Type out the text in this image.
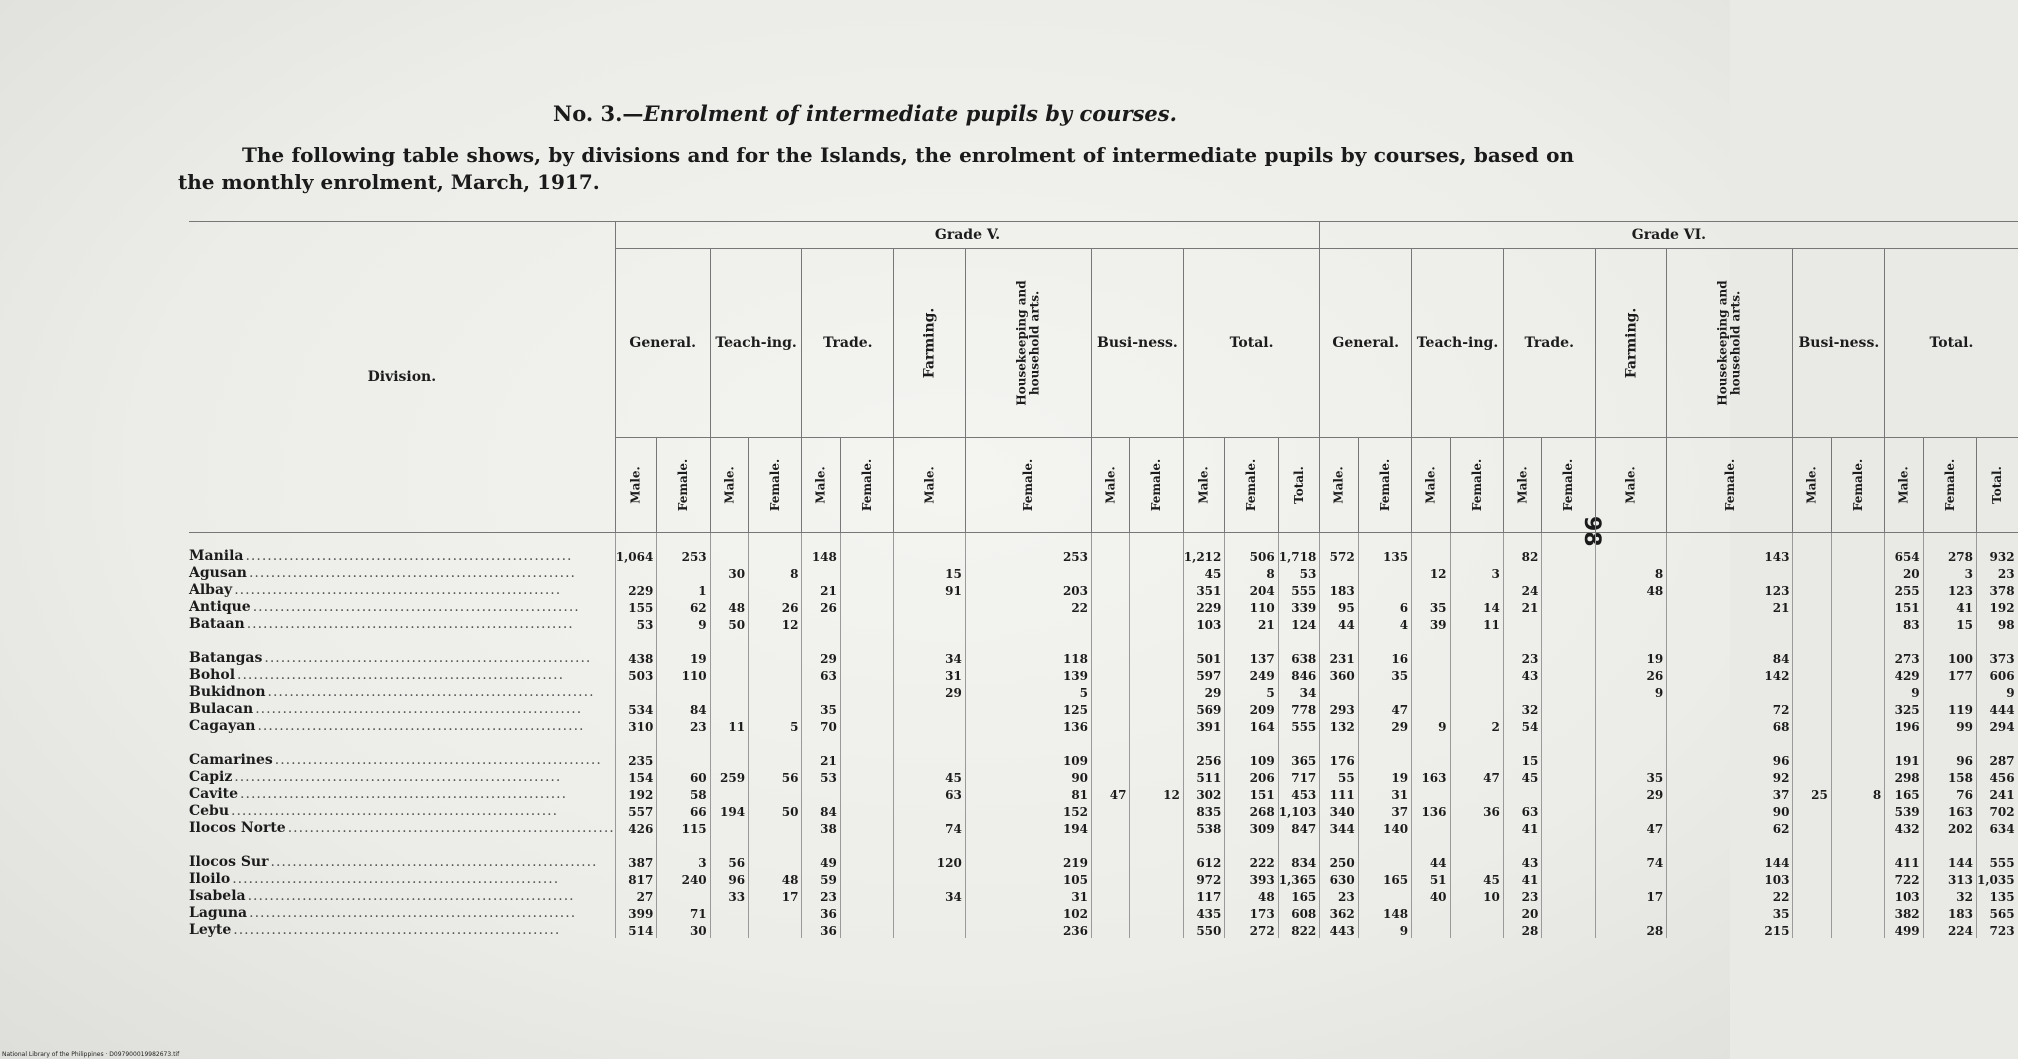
98
No. 3.—Enrolment of intermediate pupils by courses.
The following table shows, by divisions and for the Islands, the enrolment of intermediate pupils by courses, based on the monthly enrolment, March, 1917.
Division.	Grade V.													Grade VI.												
	General.		Teach-ing.		Trade.		Farming.	Housekeeping and
household arts.	Busi-ness.		Total.			General.		Teach-ing.		Trade.		Farming.	Housekeeping and
household arts.	Busi-ness.		Total.		
	Male.	Female.	Male.	Female.	Male.	Female.	Male.	Female.	Male.	Female.	Male.	Female.	Total.	Male.	Female.	Male.	Female.	Male.	Female.	Male.	Female.	Male.	Female.	Male.	Female.	Total.
Manila ............................................................	1,064	253			148			253			1,212	506	1,718	572	135			82			143			654	278	932
Agusan ............................................................			30	8			15				45	8	53			12	3			8				20	3	23
Albay ............................................................	229	1			21		91	203			351	204	555	183				24		48	123			255	123	378
Antique ............................................................	155	62	48	26	26			22			229	110	339	95	6	35	14	21			21			151	41	192
Bataan ............................................................	53	9	50	12							103	21	124	44	4	39	11							83	15	98

Batangas ............................................................	438	19			29		34	118			501	137	638	231	16			23		19	84			273	100	373
Bohol ............................................................	503	110			63		31	139			597	249	846	360	35			43		26	142			429	177	606
Bukidnon ............................................................							29	5			29	5	34							9				9		9
Bulacan ............................................................	534	84			35			125			569	209	778	293	47			32			72			325	119	444
Cagayan ............................................................	310	23	11	5	70			136			391	164	555	132	29	9	2	54			68			196	99	294

Camarines ............................................................	235				21			109			256	109	365	176				15			96			191	96	287
Capiz ............................................................	154	60	259	56	53		45	90			511	206	717	55	19	163	47	45		35	92			298	158	456
Cavite ............................................................	192	58					63	81	47	12	302	151	453	111	31					29	37	25	8	165	76	241
Cebu ............................................................	557	66	194	50	84			152			835	268	1,103	340	37	136	36	63			90			539	163	702
Ilocos Norte ............................................................	426	115			38		74	194			538	309	847	344	140			41		47	62			432	202	634

Ilocos Sur ............................................................	387	3	56		49		120	219			612	222	834	250		44		43		74	144			411	144	555
Iloilo ............................................................	817	240	96	48	59			105			972	393	1,365	630	165	51	45	41			103			722	313	1,035
Isabela ............................................................	27		33	17	23		34	31			117	48	165	23		40	10	23		17	22			103	32	135
Laguna ............................................................	399	71			36			102			435	173	608	362	148			20			35			382	183	565
Leyte ............................................................	514	30			36			236			550	272	822	443	9			28		28	215			499	224	723
National Library of the Philippines · D097900019982673.tif
